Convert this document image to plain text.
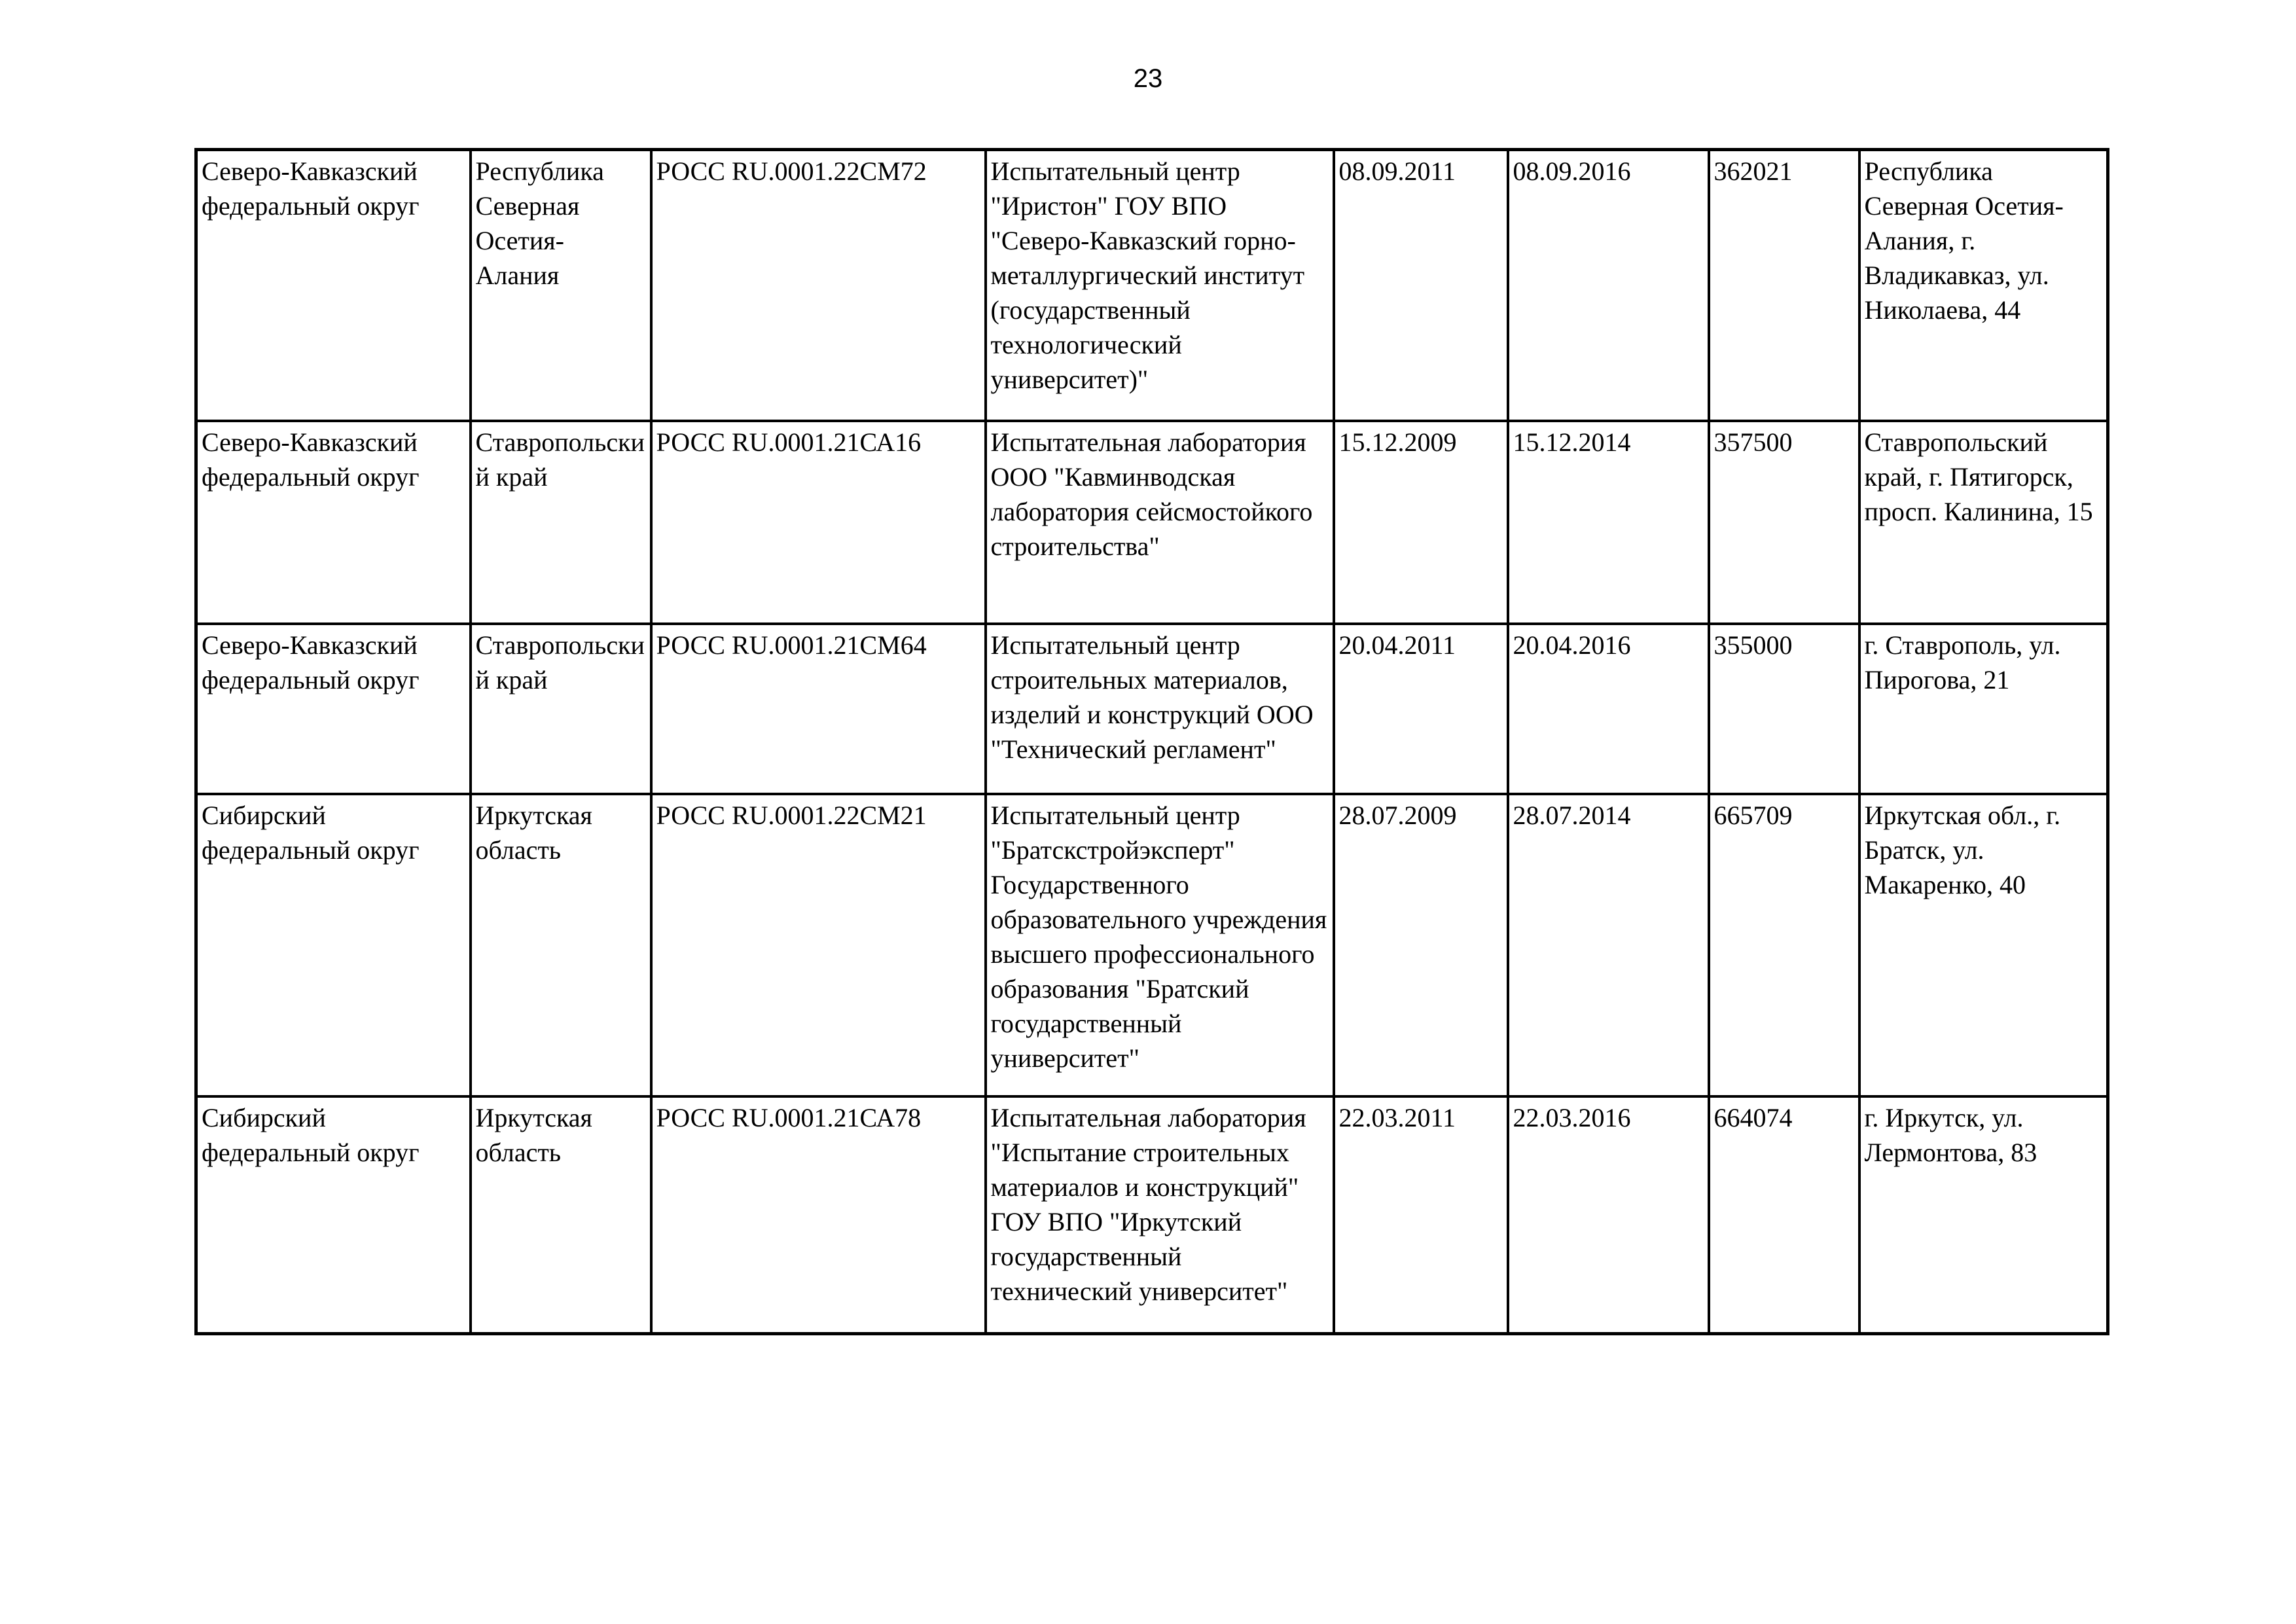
23
Северо-Кавказский федеральный округ	Республика Северная Осетия-Алания	РОСС RU.0001.22СМ72	Испытательный центр "Иристон" ГОУ ВПО "Северо-Кавказский горно-металлургический институт (государственный технологический университет)"	08.09.2011	08.09.2016	362021	Республика Северная Осетия-Алания, г. Владикавказ, ул. Николаева, 44

Северо-Кавказский федеральный округ	Ставропольский край	РОСС RU.0001.21СА16	Испытательная лаборатория ООО "Кавминводская лаборатория сейсмостойкого строительства"	15.12.2009	15.12.2014	357500	Ставропольский край, г. Пятигорск, просп. Калинина, 15

Северо-Кавказский федеральный округ	Ставропольский край	РОСС RU.0001.21СМ64	Испытательный центр строительных материалов, изделий и конструкций ООО "Технический регламент"	20.04.2011	20.04.2016	355000	г. Ставрополь, ул. Пирогова, 21

Сибирский федеральный округ	Иркутская область	РОСС RU.0001.22СМ21	Испытательный центр "Братскстройэксперт" Государственного образовательного учреждения высшего профессионального образования "Братский государственный университет"	28.07.2009	28.07.2014	665709	Иркутская обл., г. Братск, ул. Макаренко, 40

Сибирский федеральный округ	Иркутская область	РОСС RU.0001.21СА78	Испытательная лаборатория "Испытание строительных материалов и конструкций" ГОУ ВПО "Иркутский государственный технический университет"	22.03.2011	22.03.2016	664074	г. Иркутск, ул. Лермонтова, 83
